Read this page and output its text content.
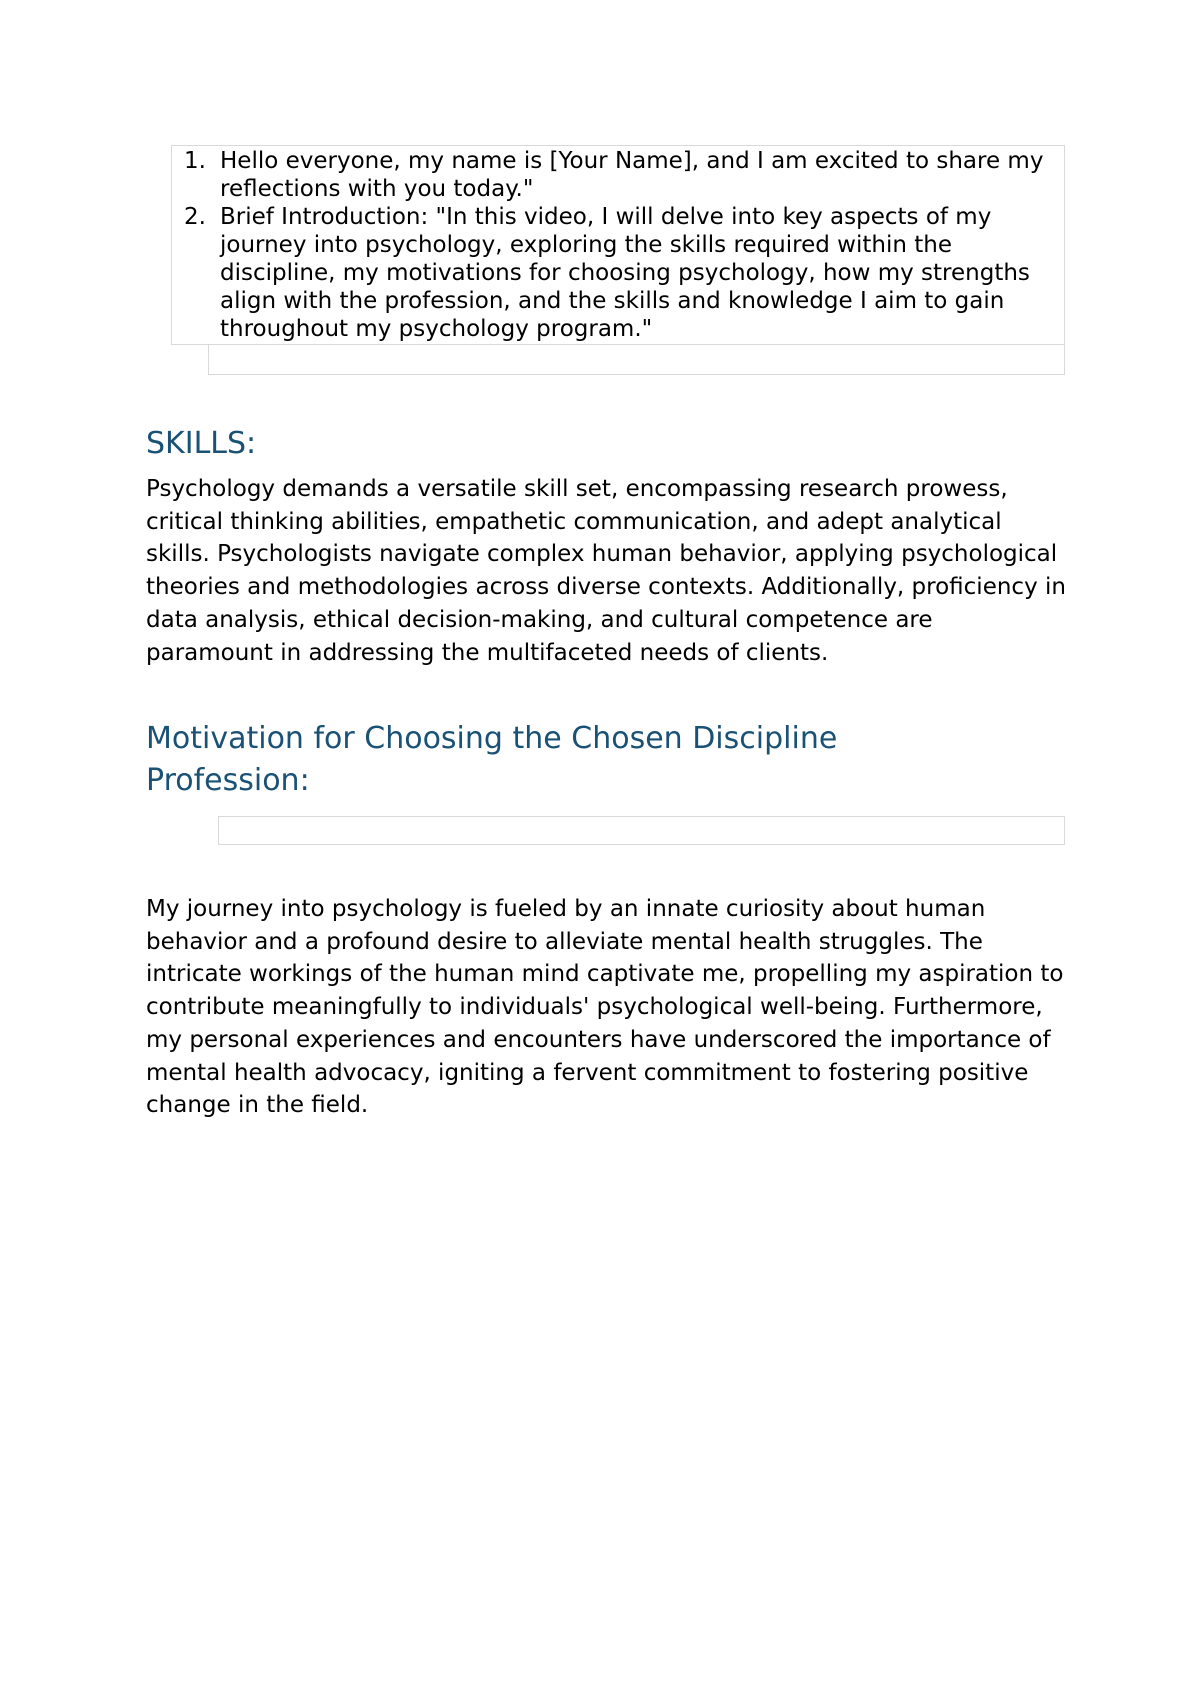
1. Hello everyone, my name is [Your Name], and I am excited to share my reflections with you today."
2. Brief Introduction: "In this video, I will delve into key aspects of my journey into psychology, exploring the skills required within the discipline, my motivations for choosing psychology, how my strengths align with the profession, and the skills and knowledge I aim to gain throughout my psychology program."
SKILLS:

Psychology demands a versatile skill set, encompassing research prowess, critical thinking abilities, empathetic communication, and adept analytical skills. Psychologists navigate complex human behavior, applying psychological theories and methodologies across diverse contexts. Additionally, proficiency in data analysis, ethical decision-making, and cultural competence are paramount in addressing the multifaceted needs of clients.

Motivation for Choosing the Chosen Discipline Profession:

My journey into psychology is fueled by an innate curiosity about human behavior and a profound desire to alleviate mental health struggles. The intricate workings of the human mind captivate me, propelling my aspiration to contribute meaningfully to individuals' psychological well-being. Furthermore, my personal experiences and encounters have underscored the importance of mental health advocacy, igniting a fervent commitment to fostering positive change in the field.
